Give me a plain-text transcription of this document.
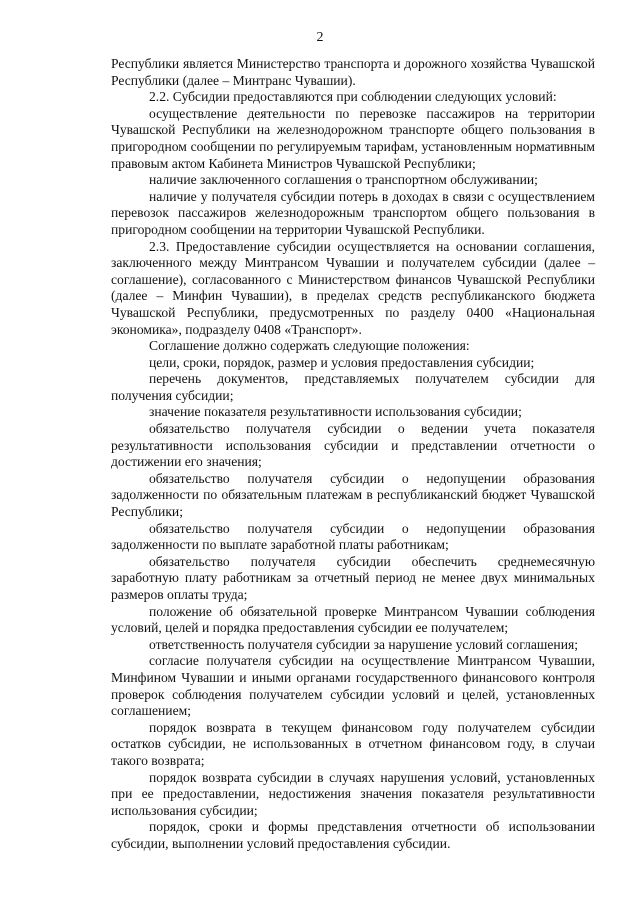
2

Республики является Министерство транспорта и дорожного хозяйства Чувашской Республики (далее – Минтранс Чувашии).

2.2. Субсидии предоставляются при соблюдении следующих условий:

осуществление деятельности по перевозке пассажиров на территории Чувашской Республики на железнодорожном транспорте общего пользования в пригородном сообщении по регулируемым тарифам, установленным нормативным правовым актом Кабинета Министров Чувашской Республики;

наличие заключенного соглашения о транспортном обслуживании;

наличие у получателя субсидии потерь в доходах в связи с осуществлением перевозок пассажиров железнодорожным транспортом общего пользования в пригородном сообщении на территории Чувашской Республики.

2.3. Предоставление субсидии осуществляется на основании соглашения, заключенного между Минтрансом Чувашии и получателем субсидии (далее – соглашение), согласованного с Министерством финансов Чувашской Республики (далее – Минфин Чувашии), в пределах средств республиканского бюджета Чувашской Республики, предусмотренных по разделу 0400 «Национальная экономика», подразделу 0408 «Транспорт».

Соглашение должно содержать следующие положения:

цели, сроки, порядок, размер и условия предоставления субсидии;

перечень документов, представляемых получателем субсидии для получения субсидии;

значение показателя результативности использования субсидии;

обязательство получателя субсидии о ведении учета показателя результативности использования субсидии и представлении отчетности о достижении его значения;

обязательство получателя субсидии о недопущении образования задолженности по обязательным платежам в республиканский бюджет Чувашской Республики;

обязательство получателя субсидии о недопущении образования задолженности по выплате заработной платы работникам;

обязательство получателя субсидии обеспечить среднемесячную заработную плату работникам за отчетный период не менее двух минимальных размеров оплаты труда;

положение об обязательной проверке Минтрансом Чувашии соблюдения условий, целей и порядка предоставления субсидии ее получателем;

ответственность получателя субсидии за нарушение условий соглашения;

согласие получателя субсидии на осуществление Минтрансом Чувашии, Минфином Чувашии и иными органами государственного финансового контроля проверок соблюдения получателем субсидии условий и целей, установленных соглашением;

порядок возврата в текущем финансовом году получателем субсидии остатков субсидии, не использованных в отчетном финансовом году, в случаи такого возврата;

порядок возврата субсидии в случаях нарушения условий, установленных при ее предоставлении, недостижения значения показателя результативности использования субсидии;

порядок, сроки и формы представления отчетности об использовании субсидии, выполнении условий предоставления субсидии.
